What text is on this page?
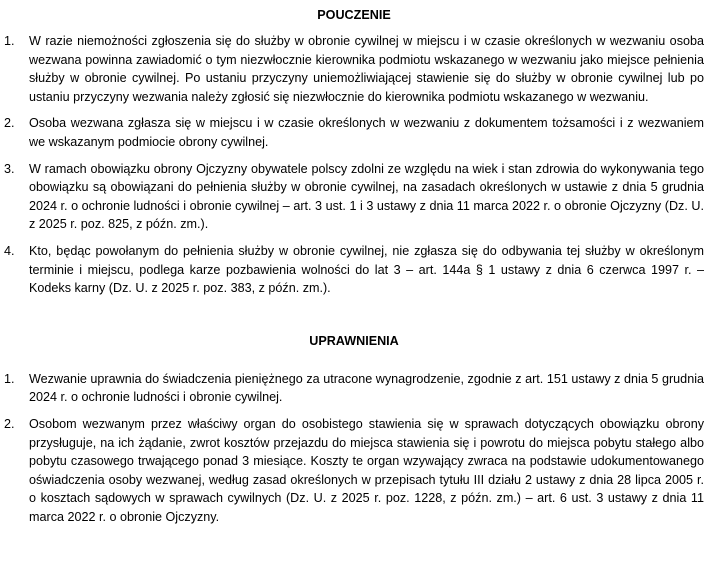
POUCZENIE
1.	W razie niemożności zgłoszenia się do służby w obronie cywilnej w miejscu i w czasie określonych w wezwaniu osoba wezwana powinna zawiadomić o tym niezwłocznie kierownika podmiotu wskazanego w wezwaniu jako miejsce pełnienia służby w obronie cywilnej. Po ustaniu przyczyny uniemożliwiającej stawienie się do służby w obronie cywilnej lub po ustaniu przyczyny wezwania należy zgłosić się niezwłocznie do kierownika podmiotu wskazanego w wezwaniu.
2.	Osoba wezwana zgłasza się w miejscu i w czasie określonych w wezwaniu z dokumentem tożsamości i z wezwaniem we wskazanym podmiocie obrony cywilnej.
3.	W ramach obowiązku obrony Ojczyzny obywatele polscy zdolni ze względu na wiek i stan zdrowia do wykonywania tego obowiązku są obowiązani do pełnienia służby w obronie cywilnej, na zasadach określonych w ustawie z dnia 5 grudnia 2024 r. o ochronie ludności i obronie cywilnej – art. 3 ust. 1 i 3 ustawy z dnia 11 marca 2022 r. o obronie Ojczyzny (Dz. U. z 2025 r. poz. 825, z późn. zm.).
4.	Kto, będąc powołanym do pełnienia służby w obronie cywilnej, nie zgłasza się do odbywania tej służby w określonym terminie i miejscu, podlega karze pozbawienia wolności do lat 3 – art. 144a § 1 ustawy z dnia 6 czerwca 1997 r. – Kodeks karny (Dz. U. z 2025 r. poz. 383, z późn. zm.).
UPRAWNIENIA
1.	Wezwanie uprawnia do świadczenia pieniężnego za utracone wynagrodzenie, zgodnie z art. 151 ustawy z dnia 5 grudnia 2024 r. o ochronie ludności i obronie cywilnej.
2.	Osobom wezwanym przez właściwy organ do osobistego stawienia się w sprawach dotyczących obowiązku obrony przysługuje, na ich żądanie, zwrot kosztów przejazdu do miejsca stawienia się i powrotu do miejsca pobytu stałego albo pobytu czasowego trwającego ponad 3 miesiące. Koszty te organ wzywający zwraca na podstawie udokumentowanego oświadczenia osoby wezwanej, według zasad określonych w przepisach tytułu III działu 2 ustawy z dnia 28 lipca 2005 r. o kosztach sądowych w sprawach cywilnych (Dz. U. z 2025 r. poz. 1228, z późn. zm.) – art. 6 ust. 3 ustawy z dnia 11 marca 2022 r. o obronie Ojczyzny.
